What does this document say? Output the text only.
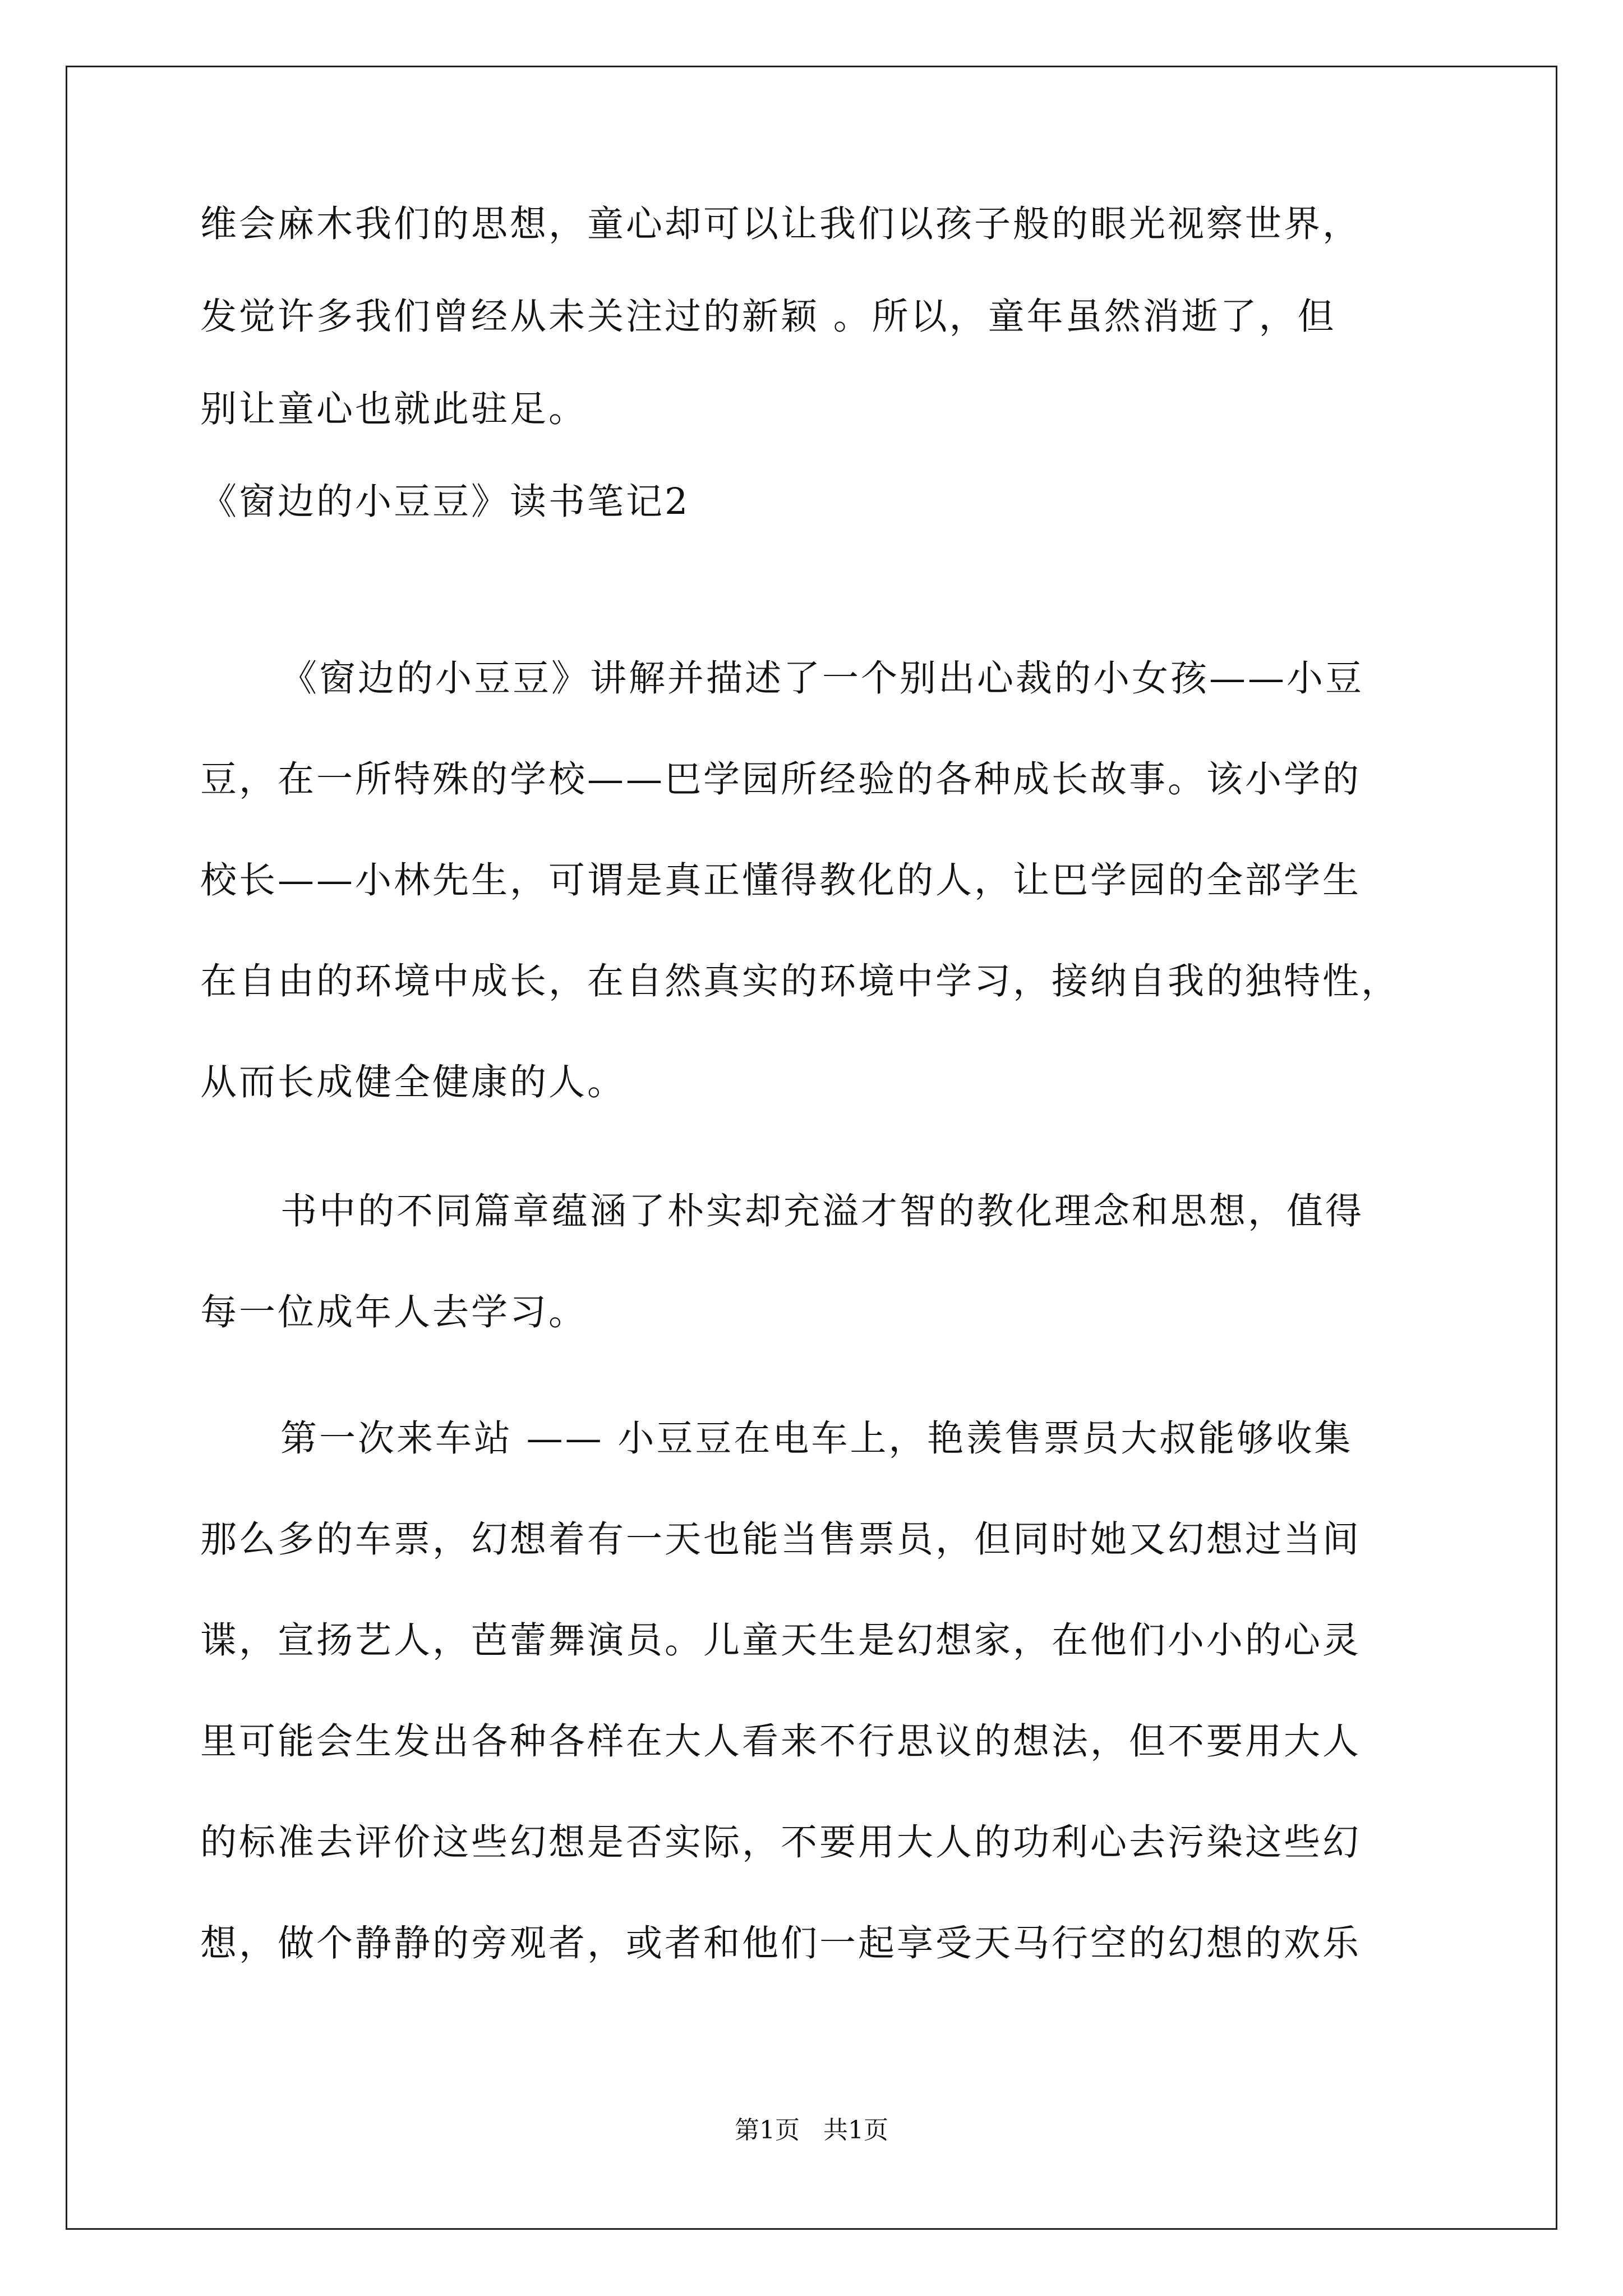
维会麻木我们的思想，童心却可以让我们以孩子般的眼光视察世界，
发觉许多我们曾经从未关注过的新颖 。所以，童年虽然消逝了，但
别让童心也就此驻足。
《窗边的小豆豆》读书笔记2
《窗边的小豆豆》讲解并描述了一个别出心裁的小女孩——小豆
豆，在一所特殊的学校——巴学园所经验的各种成长故事。该小学的
校长——小林先生，可谓是真正懂得教化的人，让巴学园的全部学生
在自由的环境中成长，在自然真实的环境中学习，接纳自我的独特性，
从而长成健全健康的人。
书中的不同篇章蕴涵了朴实却充溢才智的教化理念和思想，值得
每一位成年人去学习。
第一次来车站 —— 小豆豆在电车上，艳羡售票员大叔能够收集
那么多的车票，幻想着有一天也能当售票员，但同时她又幻想过当间
谍，宣扬艺人，芭蕾舞演员。儿童天生是幻想家，在他们小小的心灵
里可能会生发出各种各样在大人看来不行思议的想法，但不要用大人
的标准去评价这些幻想是否实际，不要用大人的功利心去污染这些幻
想，做个静静的旁观者，或者和他们一起享受天马行空的幻想的欢乐
第1页   共1页
